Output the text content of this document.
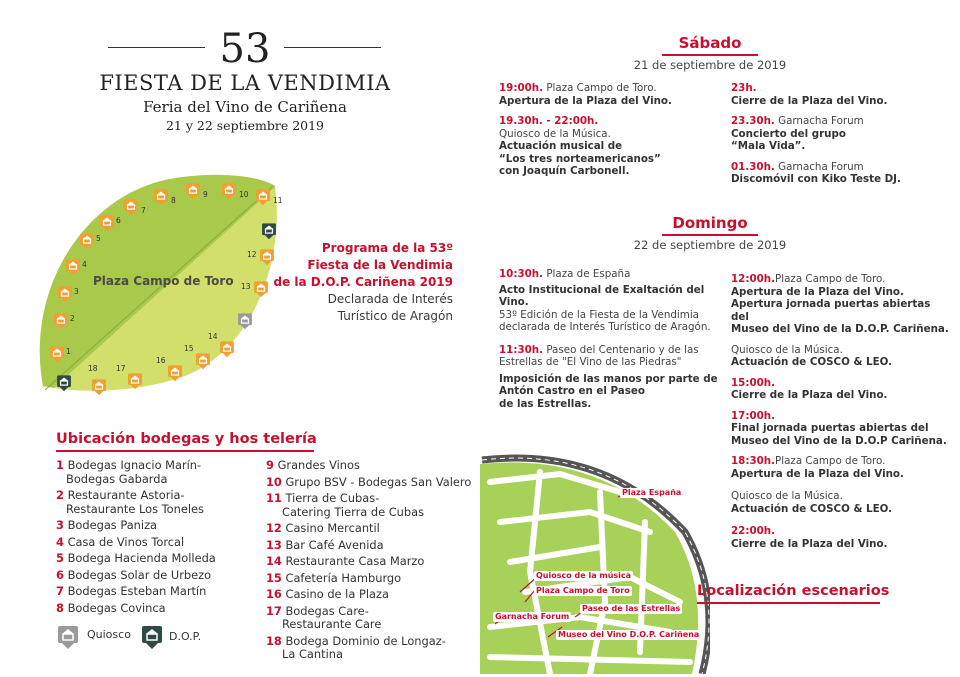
53
FIESTA DE LA VENDIMIA
Feria del Vino de Cariñena
21 y 22 septiembre 2019
Plaza Campo de Toro
1
2
3
4
5
6
7
8
9	10
11
12
13
14
15
16
17
18
Programa de la 53º
Fiesta de la Vendimia
de la D.O.P. Cariñena 2019
Declarada de Interés
Turístico de Aragón
Sábado
21 de septiembre de 2019
19:00h. Plaza Campo de Toro.
Apertura de la Plaza del Vino.
19.30h. - 22:00h.
Quiosco de la Música.
Actuación musical de
“Los tres norteamericanos”
con Joaquín Carbonell.
23h.
Cierre de la Plaza del Vino.
23.30h. Garnacha Forum
Concierto del grupo
“Mala Vida”.
01.30h. Garnacha Forum
Discomóvil con Kiko Teste DJ.
Domingo
22 de septiembre de 2019
10:30h. Plaza de España
Acto Institucional de Exaltación del Vino.
53º Edición de la Fiesta de la Vendimia
declarada de Interés Turístico de Aragón.
11:30h. Paseo del Centenario y de las
Estrellas de "El Vino de las Piedras"
Imposición de las manos por parte de
Antón Castro en el Paseo
de las Estrellas.
12:00h.Plaza Campo de Toro.
Apertura de la Plaza del Vino.
Apertura jornada puertas abiertas del
Museo del Vino de la D.O.P. Cariñena.
Quiosco de la Música.
Actuación de COSCO & LEO.
15:00h.
Cierre de la Plaza del Vino.
17:00h.
Final jornada puertas abiertas del
Museo del Vino de la D.O.P Cariñena.
18:30h.Plaza Campo de Toro.
Apertura de la Plaza del Vino.
Quiosco de la Música.
Actuación de COSCO & LEO.
22:00h.
Cierre de la Plaza del Vino.
Ubicación bodegas y hos telería
1 Bodegas Ignacio Marín-
Bodegas Gabarda
2 Restaurante Astoria-
Restaurante Los Toneles
3 Bodegas Paniza
4 Casa de Vinos Torcal
5 Bodega Hacienda Molleda
6 Bodegas Solar de Urbezo
7 Bodegas Esteban Martín
8 Bodegas Covinca
9 Grandes Vinos
10 Grupo BSV - Bodegas San Valero
11 Tierra de Cubas-
Catering Tierra de Cubas
12 Casino Mercantil
13 Bar Café Avenida
14 Restaurante Casa Marzo
15 Cafetería Hamburgo
16 Casino de la Plaza
17 Bodegas Care-
Restaurante Care
18 Bodega Dominio de Longaz-
La Cantina
Quiosco	D.O.P.
Plaza España
Quiosco de la música
Plaza Campo de Toro
Paseo de las Estrellas
Garnacha Forum
Museo del Vino D.O.P. Cariñena
Localización escenarios
